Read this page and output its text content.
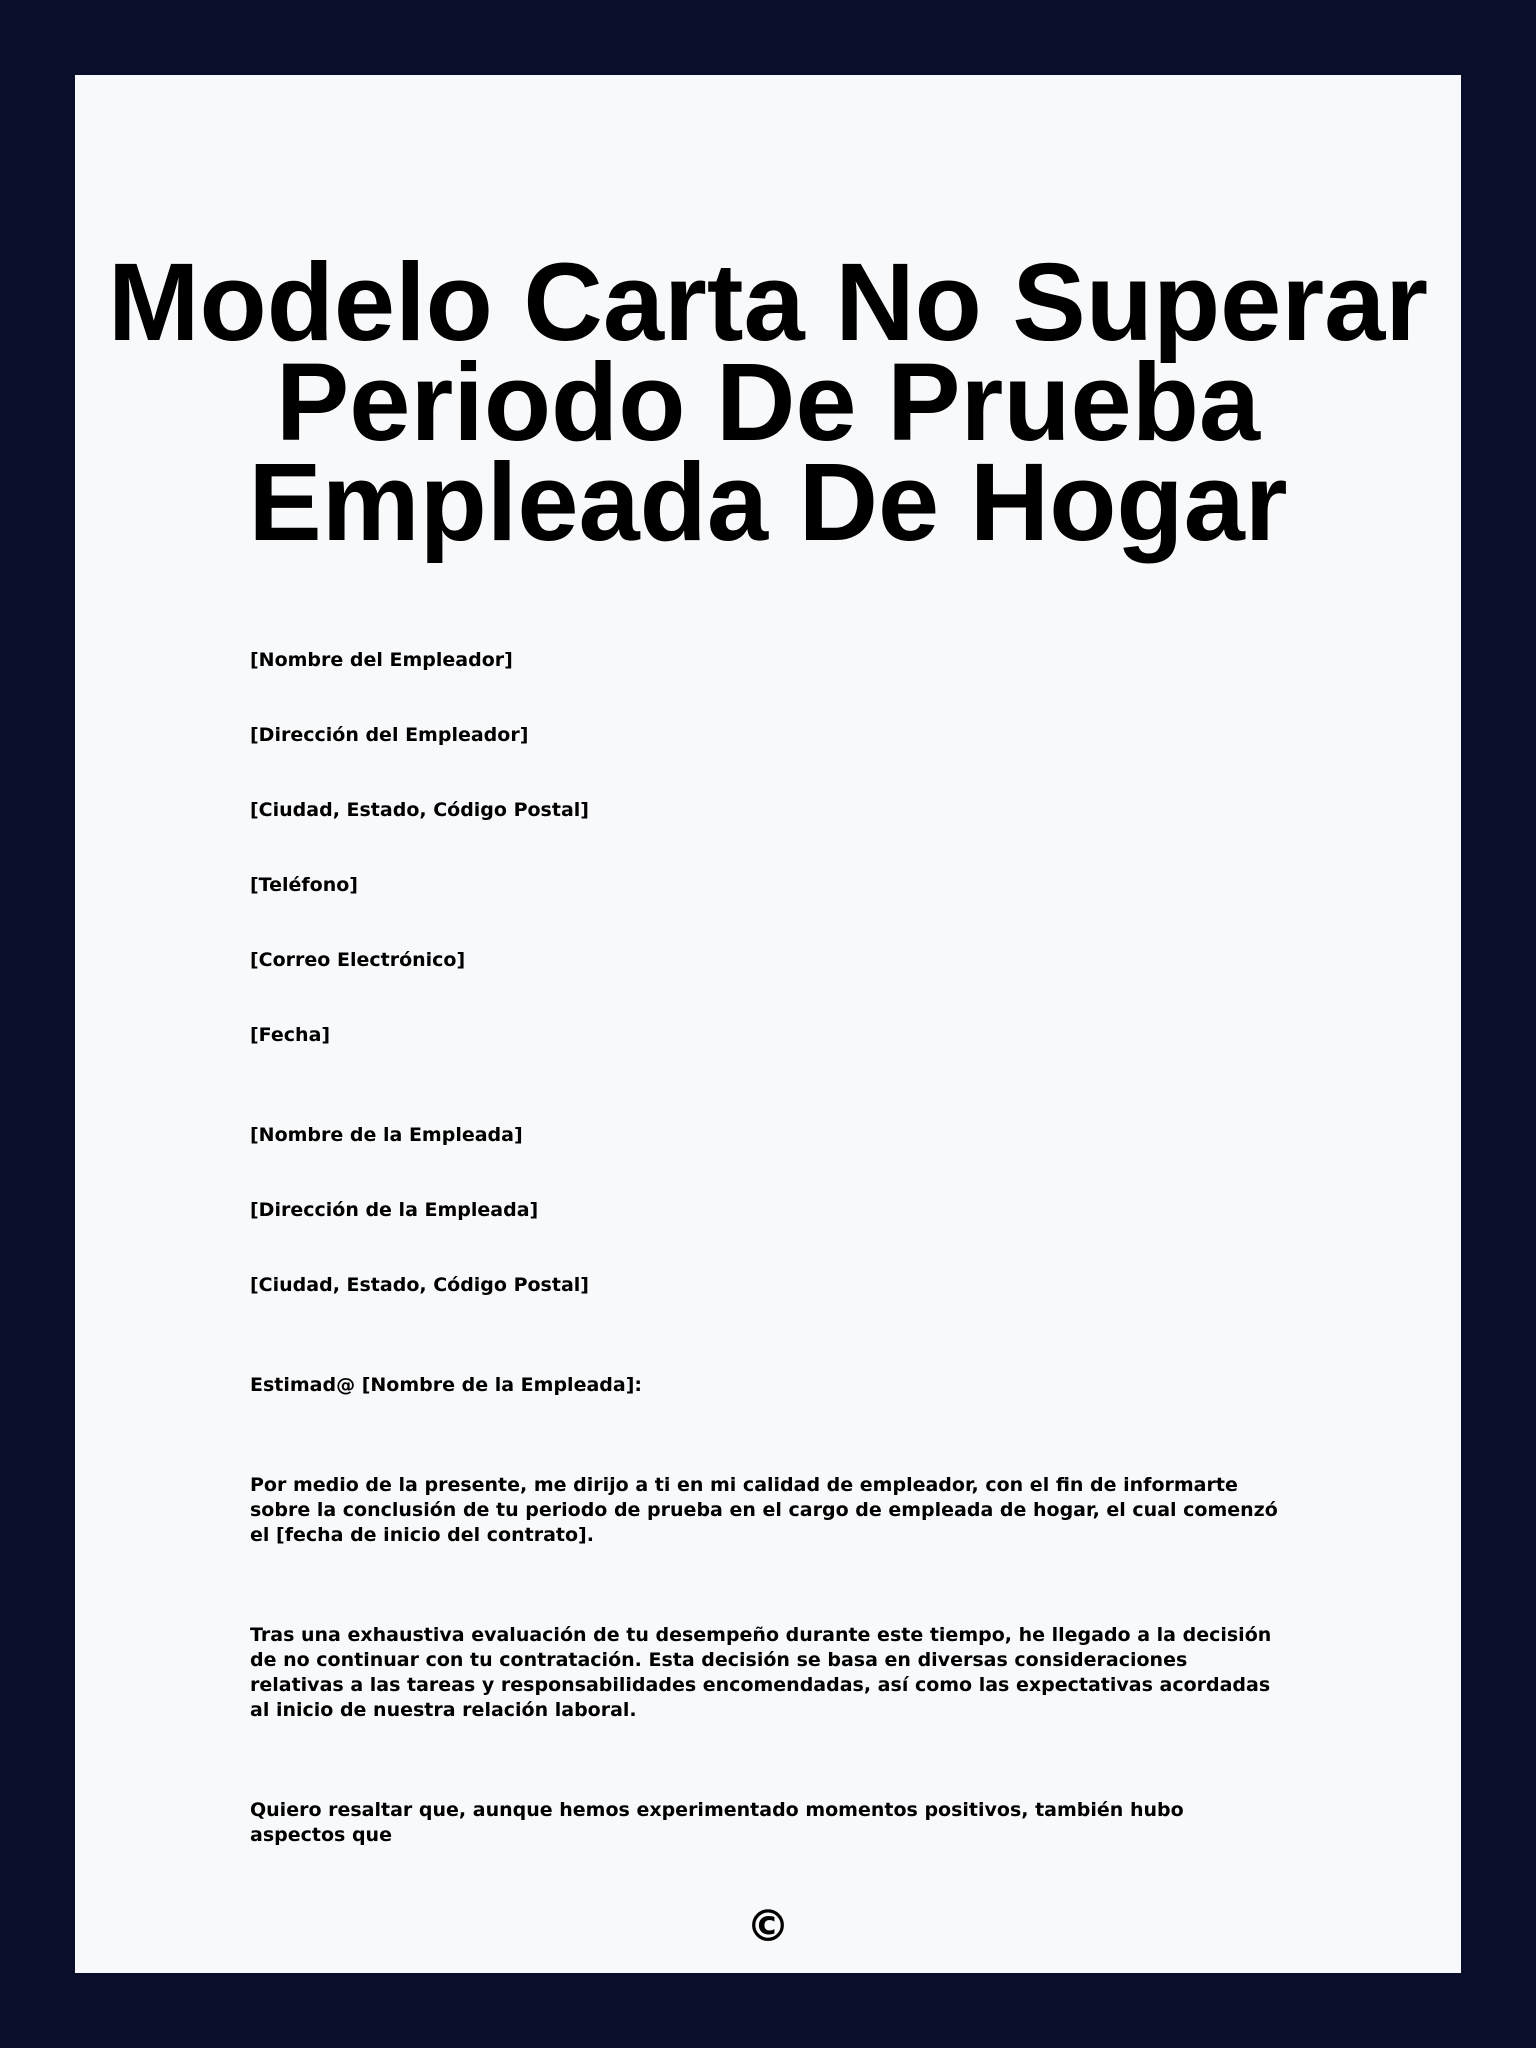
Modelo Carta No Superar Periodo De Prueba Empleada De Hogar

[Nombre del Empleador]

[Dirección del Empleador]

[Ciudad, Estado, Código Postal]

[Teléfono]

[Correo Electrónico]

[Fecha]

[Nombre de la Empleada]

[Dirección de la Empleada]

[Ciudad, Estado, Código Postal]

Estimad@ [Nombre de la Empleada]:

Por medio de la presente, me dirijo a ti en mi calidad de empleador, con el fin de informarte sobre la conclusión de tu periodo de prueba en el cargo de empleada de hogar, el cual comenzó el [fecha de inicio del contrato].

Tras una exhaustiva evaluación de tu desempeño durante este tiempo, he llegado a la decisión de no continuar con tu contratación. Esta decisión se basa en diversas consideraciones relativas a las tareas y responsabilidades encomendadas, así como las expectativas acordadas al inicio de nuestra relación laboral.

Quiero resaltar que, aunque hemos experimentado momentos positivos, también hubo aspectos que

©
